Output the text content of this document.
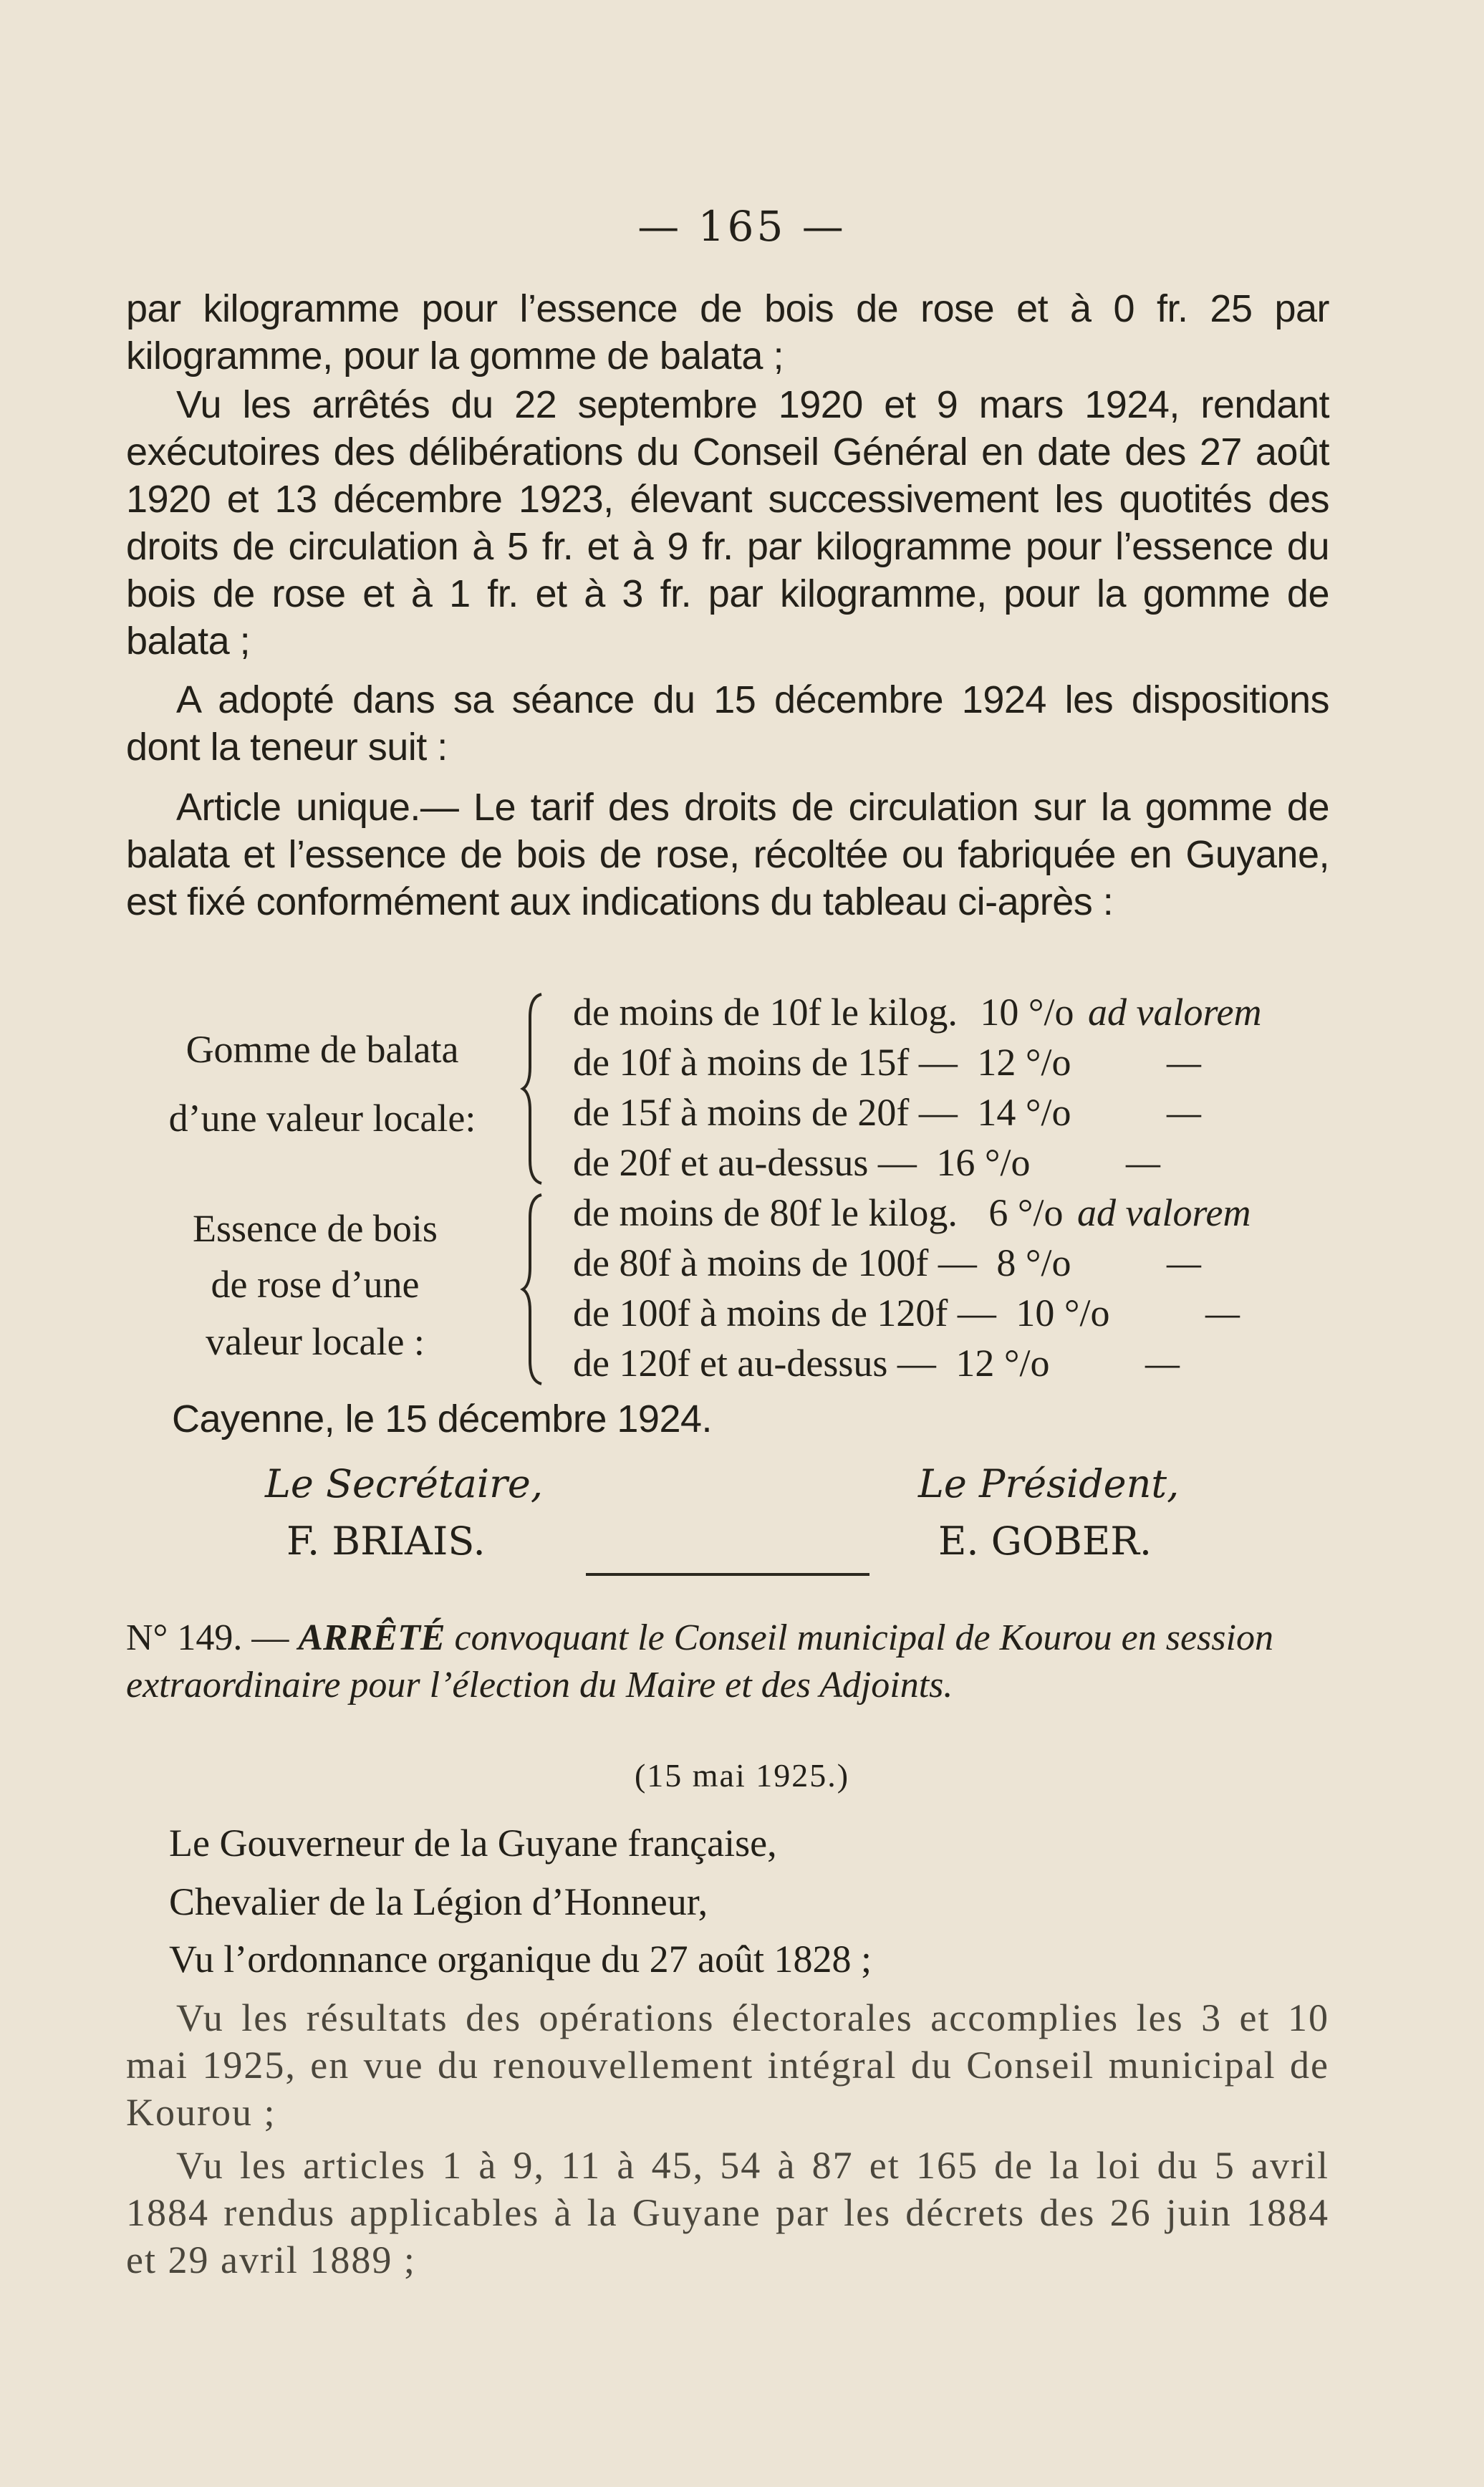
— 165 —
par kilogramme pour l’essence de bois de rose et à 0 fr. 25 par kilogramme, pour la gomme de balata ;
Vu les arrêtés du 22 septembre 1920 et 9 mars 1924, rendant exécutoires des délibérations du Conseil Général en date des 27 août 1920 et 13 décembre 1923, élevant successivement les quotités des droits de circulation à 5 fr. et à 9 fr. par kilogramme pour l’essence du bois de rose et à 1 fr. et à 3 fr. par kilogramme, pour la gomme de balata ;
A adopté dans sa séance du 15 décembre 1924 les dispositions dont la teneur suit :
Article unique.— Le tarif des droits de circulation sur la gomme de balata et l’essence de bois de rose, récoltée ou fabriquée en Guyane, est fixé conformément aux indications du tableau ci-après :
Gomme de balata
d’une valeur locale:
de moins de 10f le kilog. 10 °/o ad valorem
de 10f à moins de 15f — 12 °/o —
de 15f à moins de 20f — 14 °/o —
de 20f et au-dessus — 16 °/o —
Essence de bois
de rose d’une
valeur locale :
de moins de 80f le kilog. 6 °/o ad valorem
de 80f à moins de 100f — 8 °/o —
de 100f à moins de 120f — 10 °/o —
de 120f et au-dessus — 12 °/o —
Cayenne, le 15 décembre 1924.
Le Secrétaire,
F. BRIAIS.
Le Président,
E. GOBER.
N° 149. — ARRÊTÉ convoquant le Conseil municipal de Kourou en session extraordinaire pour l’élection du Maire et des Adjoints.
(15 mai 1925.)
Le Gouverneur de la Guyane française,
Chevalier de la Légion d’Honneur,
Vu l’ordonnance organique du 27 août 1828 ;
Vu les résultats des opérations électorales accomplies les 3 et 10 mai 1925, en vue du renouvellement intégral du Conseil municipal de Kourou ;
Vu les articles 1 à 9, 11 à 45, 54 à 87 et 165 de la loi du 5 avril 1884 rendus applicables à la Guyane par les décrets des 26 juin 1884 et 29 avril 1889 ;
